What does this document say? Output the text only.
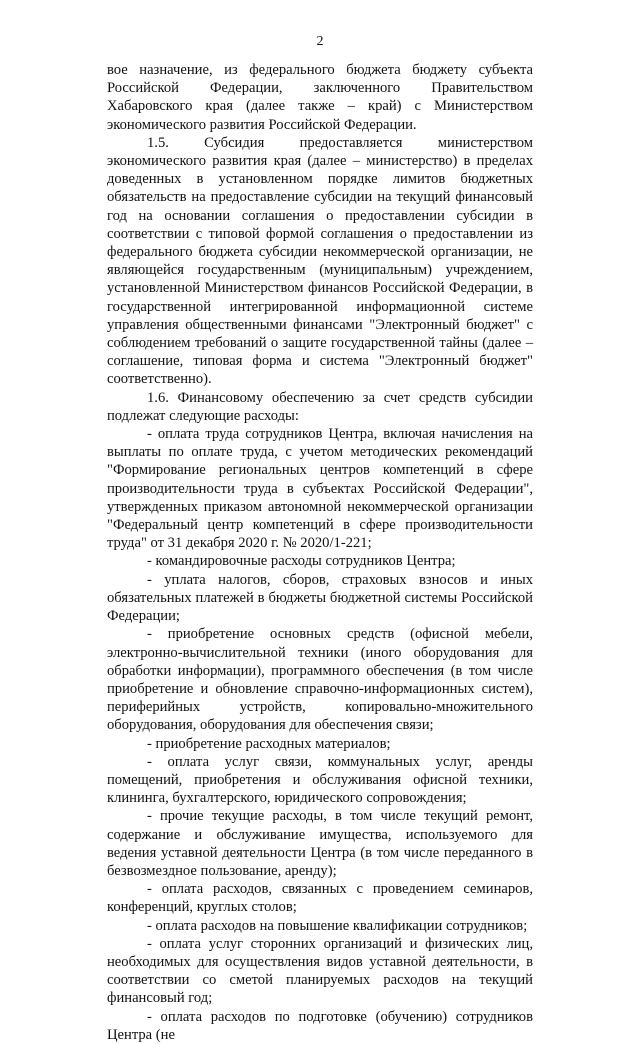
2

вое назначение, из федерального бюджета бюджету субъекта Российской Федерации, заключенного Правительством Хабаровского края (далее также – край) с Министерством экономического развития Российской Федерации.

1.5. Субсидия предоставляется министерством экономического развития края (далее – министерство) в пределах доведенных в установленном порядке лимитов бюджетных обязательств на предоставление субсидии на текущий финансовый год на основании соглашения о предоставлении субсидии в соответствии с типовой формой соглашения о предоставлении из федерального бюджета субсидии некоммерческой организации, не являющейся государственным (муниципальным) учреждением, установленной Министерством финансов Российской Федерации, в государственной интегрированной информационной системе управления общественными финансами "Электронный бюджет" с соблюдением требований о защите государственной тайны (далее – соглашение, типовая форма и система "Электронный бюджет" соответственно).

1.6. Финансовому обеспечению за счет средств субсидии подлежат следующие расходы:

- оплата труда сотрудников Центра, включая начисления на выплаты по оплате труда, с учетом методических рекомендаций "Формирование региональных центров компетенций в сфере производительности труда в субъектах Российской Федерации", утвержденных приказом автономной некоммерческой организации "Федеральный центр компетенций в сфере производительности труда" от 31 декабря 2020 г. № 2020/1-221;

- командировочные расходы сотрудников Центра;

- уплата налогов, сборов, страховых взносов и иных обязательных платежей в бюджеты бюджетной системы Российской Федерации;

- приобретение основных средств (офисной мебели, электронно-вычислительной техники (иного оборудования для обработки информации), программного обеспечения (в том числе приобретение и обновление справочно-информационных систем), периферийных устройств, копировально-множительного оборудования, оборудования для обеспечения связи;

- приобретение расходных материалов;

- оплата услуг связи, коммунальных услуг, аренды помещений, приобретения и обслуживания офисной техники, клининга, бухгалтерского, юридического сопровождения;

- прочие текущие расходы, в том числе текущий ремонт, содержание и обслуживание имущества, используемого для ведения уставной деятельности Центра (в том числе переданного в безвозмездное пользование, аренду);

- оплата расходов, связанных с проведением семинаров, конференций, круглых столов;

- оплата расходов на повышение квалификации сотрудников;

- оплата услуг сторонних организаций и физических лиц, необходимых для осуществления видов уставной деятельности, в соответствии со сметой планируемых расходов на текущий финансовый год;

- оплата расходов по подготовке (обучению) сотрудников Центра (не
